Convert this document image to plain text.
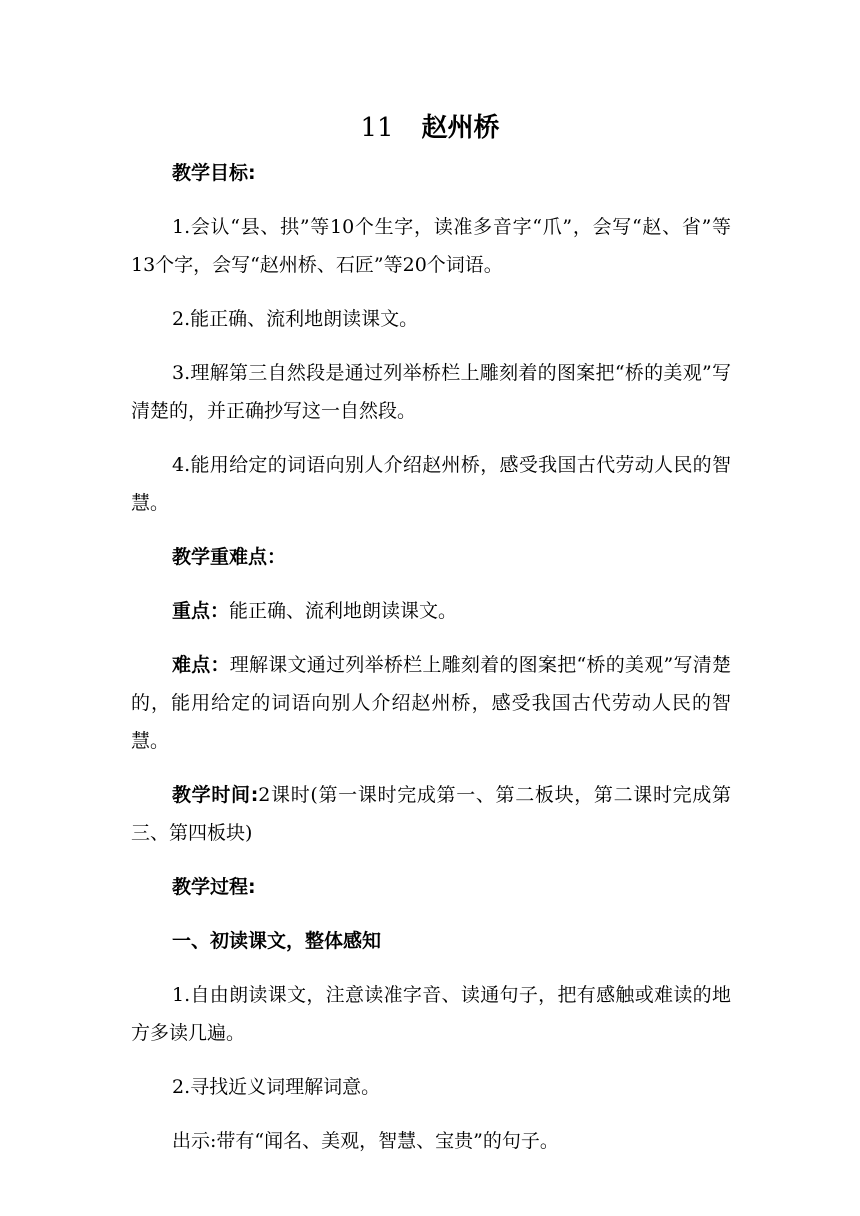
11 赵州桥

教学目标:

1.会认“县、拱”等10个生字，读准多音字“爪”，会写“赵、省”等13个字，会写“赵州桥、石匠”等20个词语。

2.能正确、流利地朗读课文。

3.理解第三自然段是通过列举桥栏上雕刻着的图案把“桥的美观”写清楚的，并正确抄写这一自然段。

4.能用给定的词语向别人介绍赵州桥，感受我国古代劳动人民的智慧。

教学重难点：

重点：能正确、流利地朗读课文。

难点：理解课文通过列举桥栏上雕刻着的图案把“桥的美观”写清楚的，能用给定的词语向别人介绍赵州桥，感受我国古代劳动人民的智慧。

教学时间:2课时(第一课时完成第一、第二板块，第二课时完成第三、第四板块)

教学过程:

一、初读课文，整体感知

1.自由朗读课文，注意读准字音、读通句子，把有感触或难读的地方多读几遍。

2.寻找近义词理解词意。

出示:带有“闻名、美观，智慧、宝贵”的句子。
